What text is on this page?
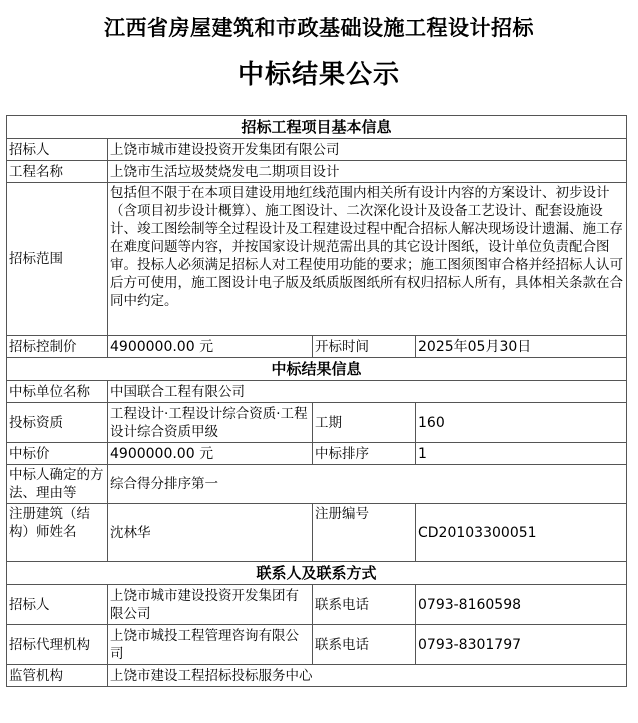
江西省房屋建筑和市政基础设施工程设计招标
中标结果公示
招标工程项目基本信息			
招标人	上饶市城市建设投资开发集团有限公司		
工程名称	上饶市生活垃圾焚烧发电二期项目设计		
招标范围	包括但不限于在本项目建设用地红线范围内相关所有设计内容的方案设计、初步设计（含项目初步设计概算）、施工图设计、二次深化设计及设备工艺设计、配套设施设计、竣工图绘制等全过程设计及工程建设过程中配合招标人解决现场设计遗漏、施工存在难度问题等内容，并按国家设计规范需出具的其它设计图纸，设计单位负责配合图审。投标人必须满足招标人对工程使用功能的要求；施工图须图审合格并经招标人认可后方可使用，施工图设计电子版及纸质版图纸所有权归招标人所有，具体相关条款在合同中约定。		
招标控制价	4900000.00 元	开标时间	2025年05月30日
中标结果信息			
中标单位名称	中国联合工程有限公司		
投标资质	工程设计·工程设计综合资质·工程设计综合资质甲级	工期	160
中标价	4900000.00 元	中标排序	1
中标人确定的方法、理由等	综合得分排序第一		
注册建筑（结构）师姓名	沈林华	注册编号	CD20103300051
联系人及联系方式			
招标人	上饶市城市建设投资开发集团有限公司	联系电话	0793-8160598
招标代理机构	上饶市城投工程管理咨询有限公司	联系电话	0793-8301797
监管机构	上饶市建设工程招标投标服务中心		
